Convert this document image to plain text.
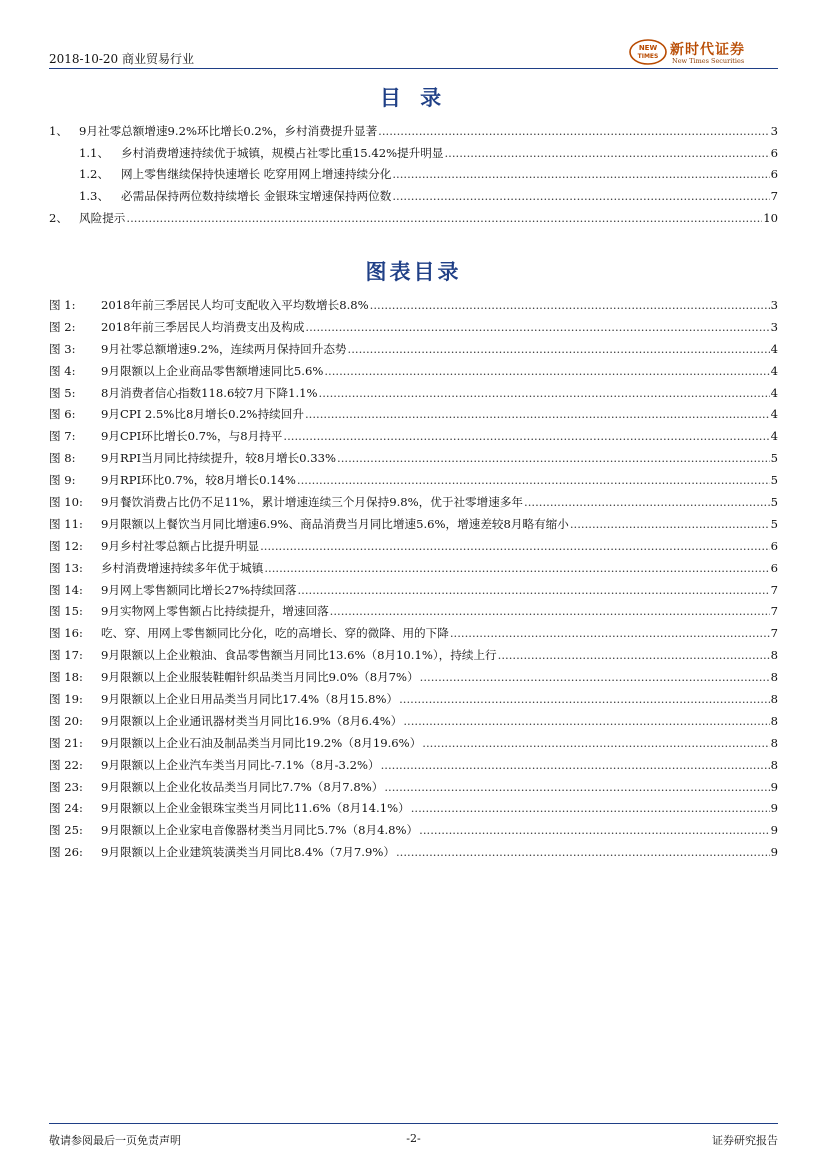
2018-10-20 商业贸易行业
NEW
TIMES 新时代证券
New Times Securities
目 录
1、 9月社零总额增速9.2%环比增长0.2%，乡村消费提升显著 .....	3
1.1、	乡村消费增速持续优于城镇，规模占社零比重15.42%提升明显 .....	6
1.2、	网上零售继续保持快速增长 吃穿用网上增速持续分化 .....	6
1.3、	必需品保持两位数持续增长 金银珠宝增速保持两位数 .....	7
2、 风险提示 .....	10
图表目录
图 1:	2018年前三季居民人均可支配收入平均数增长8.8% .....	3
图 2:	2018年前三季居民人均消费支出及构成 .....	3
图 3:	9月社零总额增速9.2%，连续两月保持回升态势 .....	4
图 4:	9月限额以上企业商品零售额增速同比5.6% .....	4
图 5:	8月消费者信心指数118.6较7月下降1.1% .....	4
图 6:	9月CPI 2.5%比8月增长0.2%持续回升 .....	4
图 7:	9月CPI环比增长0.7%，与8月持平 .....	4
图 8:	9月RPI当月同比持续提升，较8月增长0.33% .....	5
图 9:	9月RPI环比0.7%，较8月增长0.14% .....	5
图 10:	9月餐饮消费占比仍不足11%，累计增速连续三个月保持9.8%，优于社零增速多年 .....	5
图 11:	9月限额以上餐饮当月同比增速6.9%、商品消费当月同比增速5.6%，增速差较8月略有缩小 .....	5
图 12:	9月乡村社零总额占比提升明显 .....	6
图 13:	乡村消费增速持续多年优于城镇 .....	6
图 14:	9月网上零售额同比增长27%持续回落 .....	7
图 15:	9月实物网上零售额占比持续提升，增速回落 .....	7
图 16:	吃、穿、用网上零售额同比分化，吃的高增长、穿的微降、用的下降 .....	7
图 17:	9月限额以上企业粮油、食品零售额当月同比13.6%（8月10.1%），持续上行 .....	8
图 18:	9月限额以上企业服装鞋帽针织品类当月同比9.0%（8月7%） .....	8
图 19:	9月限额以上企业日用品类当月同比17.4%（8月15.8%） .....	8
图 20:	9月限额以上企业通讯器材类当月同比16.9%（8月6.4%） .....	8
图 21:	9月限额以上企业石油及制品类当月同比19.2%（8月19.6%） .....	8
图 22:	9月限额以上企业汽车类当月同比-7.1%（8月-3.2%） .....	8
图 23:	9月限额以上企业化妆品类当月同比7.7%（8月7.8%） .....	9
图 24:	9月限额以上企业金银珠宝类当月同比11.6%（8月14.1%） .....	9
图 25:	9月限额以上企业家电音像器材类当月同比5.7%（8月4.8%） .....	9
图 26:	9月限额以上企业建筑装潢类当月同比8.4%（7月7.9%） .....	9
敬请参阅最后一页免责声明	-2-	证券研究报告
